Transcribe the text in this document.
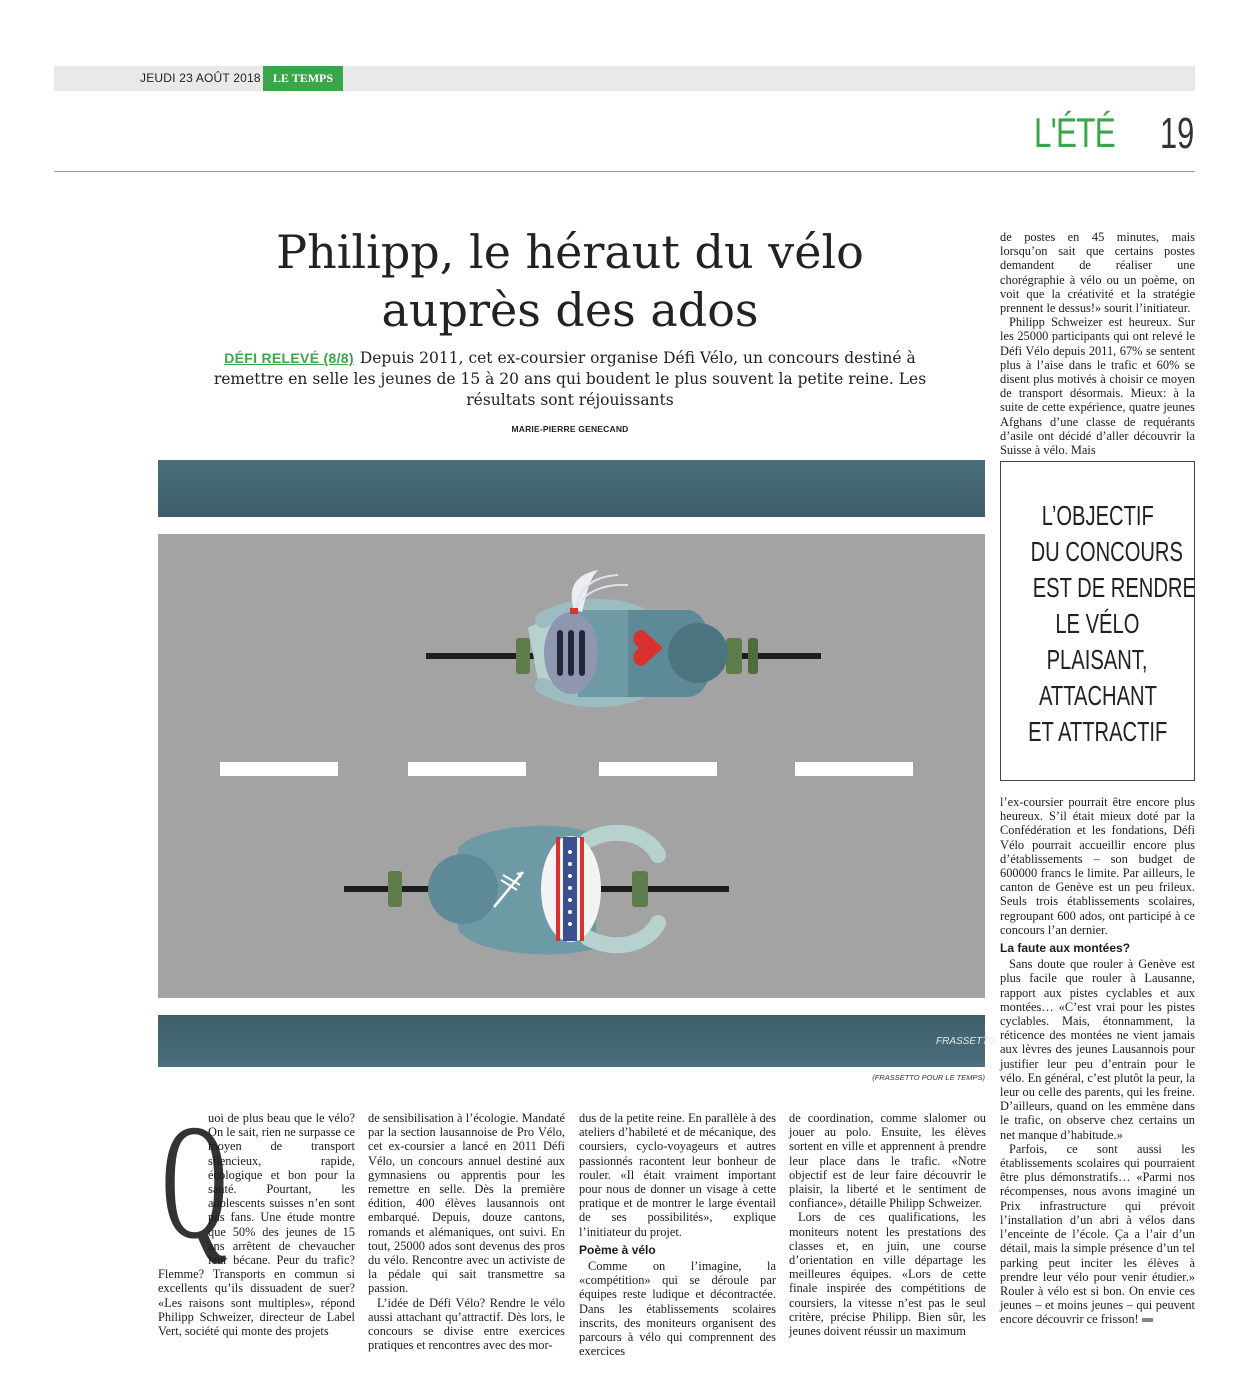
JEUDI 23 AOÛT 2018	LE TEMPS
L'ÉTÉ 19
Philipp, le héraut du vélo auprès des ados
DÉFI RELEVÉ (8/8) Depuis 2011, cet ex-coursier organise Défi Vélo, un concours destiné à remettre en selle les jeunes de 15 à 20 ans qui boudent le plus souvent la petite reine. Les résultats sont réjouissants
MARIE-PIERRE GENECAND
FRASSETTO
(FRASSETTO POUR LE TEMPS)
Q

uoi de plus beau que le vélo? On le sait, rien ne surpasse ce moyen de transport silencieux, rapide, écologique et bon pour la santé. Pourtant, les adolescents suisses n’en sont pas fans. Une étude montre que 50% des jeunes de 15 ans arrêtent de chevaucher leur bécane. Peur du trafic? Flemme? Transports en commun si excellents qu’ils dissuadent de suer? «Les raisons sont multiples», répond Philipp Schweizer, directeur de Label Vert, société qui monte des projets

de sensibilisation à l’écologie. Mandaté par la section lausannoise de Pro Vélo, cet ex-coursier a lancé en 2011 Défi Vélo, un concours annuel destiné aux gymnasiens ou apprentis pour les remettre en selle. Dès la première édition, 400 élèves lausannois ont embarqué. Depuis, douze cantons, romands et alémaniques, ont suivi. En tout, 25000 ados sont devenus des pros du vélo. Rencontre avec un activiste de la pédale qui sait transmettre sa passion.

L’idée de Défi Vélo? Rendre le vélo aussi attachant qu’attractif. Dès lors, le concours se divise entre exercices pratiques et rencontres avec des mor-

dus de la petite reine. En parallèle à des ateliers d’habileté et de mécanique, des coursiers, cyclo-voyageurs et autres passionnés racontent leur bonheur de rouler. «Il était vraiment important pour nous de donner un visage à cette pratique et de montrer le large éventail de ses possibilités», explique l’initiateur du projet.

Poème à vélo

Comme on l’imagine, la «compétition» qui se déroule par équipes reste ludique et décontractée. Dans les établissements scolaires inscrits, des moniteurs organisent des parcours à vélo qui comprennent des exercices

de coordination, comme slalomer ou jouer au polo. Ensuite, les élèves sortent en ville et apprennent à prendre leur place dans le trafic. «Notre objectif est de leur faire découvrir le plaisir, la liberté et le sentiment de confiance», détaille Philipp Schweizer.

Lors de ces qualifications, les moniteurs notent les prestations des classes et, en juin, une course d’orientation en ville départage les meilleures équipes. «Lors de cette finale inspirée des compétitions de coursiers, la vitesse n’est pas le seul critère, précise Philipp. Bien sûr, les jeunes doivent réussir un maximum

de postes en 45 minutes, mais lorsqu’on sait que certains postes demandent de réaliser une chorégraphie à vélo ou un poème, on voit que la créativité et la stratégie prennent le dessus!» sourit l’initiateur.

Philipp Schweizer est heureux. Sur les 25000 participants qui ont relevé le Défi Vélo depuis 2011, 67% se sentent plus à l’aise dans le trafic et 60% se disent plus motivés à choisir ce moyen de transport désormais. Mieux: à la suite de cette expérience, quatre jeunes Afghans d’une classe de requérants d’asile ont décidé d’aller découvrir la Suisse à vélo. Mais

L’OBJECTIF
DU CONCOURS
EST DE RENDRE
LE VÉLO
PLAISANT,
ATTACHANT
ET ATTRACTIF

l’ex-coursier pourrait être encore plus heureux. S’il était mieux doté par la Confédération et les fondations, Défi Vélo pourrait accueillir encore plus d’établissements – son budget de 600000 francs le limite. Par ailleurs, le canton de Genève est un peu frileux. Seuls trois établissements scolaires, regroupant 600 ados, ont participé à ce concours l’an dernier.

La faute aux montées?

Sans doute que rouler à Genève est plus facile que rouler à Lausanne, rapport aux pistes cyclables et aux montées… «C’est vrai pour les pistes cyclables. Mais, étonnamment, la réticence des montées ne vient jamais aux lèvres des jeunes Lausannois pour justifier leur peu d’entrain pour le vélo. En général, c’est plutôt la peur, la leur ou celle des parents, qui les freine. D’ailleurs, quand on les emmène dans le trafic, on observe chez certains un net manque d’habitude.»

Parfois, ce sont aussi les établissements scolaires qui pourraient être plus démonstratifs… «Parmi nos récompenses, nous avons imaginé un Prix infrastructure qui prévoit l’installation d’un abri à vélos dans l’enceinte de l’école. Ça a l’air d’un détail, mais la simple présence d’un tel parking peut inciter les élèves à prendre leur vélo pour venir étudier.» Rouler à vélo est si bon. On envie ces jeunes – et moins jeunes – qui peuvent encore découvrir ce frisson!
